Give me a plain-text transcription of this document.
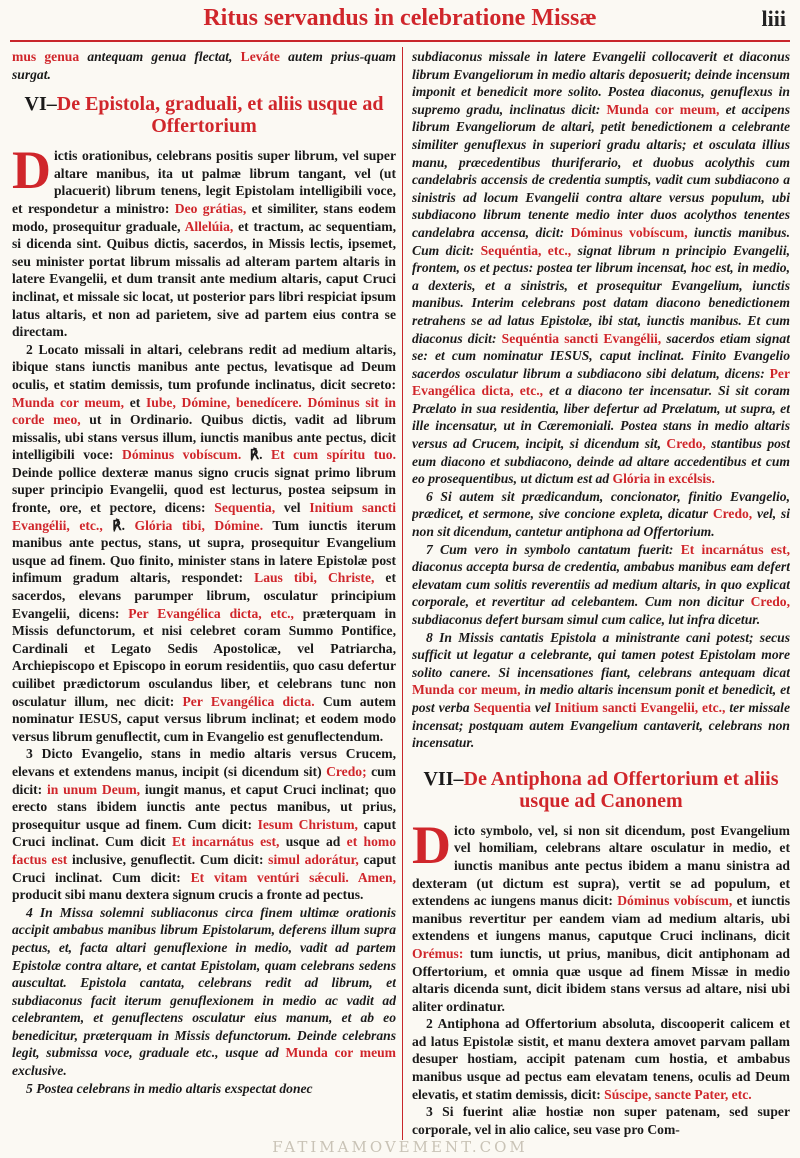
Ritus servandus in celebratione Missæ	liii

mus genua antequam genua flectat, Leváte autem prius-quam surgat.

VI–De Epistola, graduali, et aliis usque ad Offertorium

Dictis orationibus, celebrans positis super librum, vel super altare manibus, ita ut palmæ librum tangant, vel (ut placuerit) librum tenens, legit Epistolam intelligibili voce, et respondetur a ministro: Deo grátias, et similiter, stans eodem modo, prosequitur graduale, Allelúia, et tractum, ac sequentiam, si dicenda sint. Quibus dictis, sacerdos, in Missis lectis, ipsemet, seu minister portat librum missalis ad alteram partem altaris in latere Evangelii, et dum transit ante medium altaris, caput Cruci inclinat, et missale sic locat, ut posterior pars libri respiciat ipsum latus altaris, et non ad parietem, sive ad partem eius contra se directam.

2 Locato missali in altari, celebrans redit ad medium altaris, ibique stans iunctis manibus ante pectus, levatisque ad Deum oculis, et statim demissis, tum profunde inclinatus, dicit secreto: Munda cor meum, et Iube, Dómine, benedícere. Dóminus sit in corde meo, ut in Ordinario. Quibus dictis, vadit ad librum missalis, ubi stans versus illum, iunctis manibus ante pectus, dicit intelligibili voce: Dóminus vobíscum. ℟. Et cum spíritu tuo. Deinde pollice dexteræ manus signo crucis signat primo librum super principio Evangelii, quod est lecturus, postea seipsum in fronte, ore, et pectore, dicens: Sequentia, vel Initium sancti Evangélii, etc., ℟. Glória tibi, Dómine. Tum iunctis iterum manibus ante pectus, stans, ut supra, prosequitur Evangelium usque ad finem. Quo finito, minister stans in latere Epistolæ post infimum gradum altaris, respondet: Laus tibi, Christe, et sacerdos, elevans parumper librum, osculatur principium Evangelii, dicens: Per Evangélica dicta, etc., præterquam in Missis defunctorum, et nisi celebret coram Summo Pontifice, Cardinali et Legato Sedis Apostolicæ, vel Patriarcha, Archiepiscopo et Episcopo in eorum residentiis, quo casu defertur cuilibet prædictorum osculandus liber, et celebrans tunc non osculatur illum, nec dicit: Per Evangélica dicta. Cum autem nominatur IESUS, caput versus librum inclinat; et eodem modo versus librum genuflectit, cum in Evangelio est genuflectendum.

3 Dicto Evangelio, stans in medio altaris versus Crucem, elevans et extendens manus, incipit (si dicendum sit) Credo; cum dicit: in unum Deum, iungit manus, et caput Cruci inclinat; quo erecto stans ibidem iunctis ante pectus manibus, ut prius, prosequitur usque ad finem. Cum dicit: Iesum Christum, caput Cruci inclinat. Cum dicit Et incarnátus est, usque ad et homo factus est inclusive, genuflectit. Cum dicit: simul adorátur, caput Cruci inclinat. Cum dicit: Et vitam ventúri sǽculi. Amen, producit sibi manu dextera signum crucis a fronte ad pectus.

4 In Missa solemni subliaconus circa finem ultimæ orationis accipit ambabus manibus librum Epistolarum, deferens illum supra pectus, et, facta altari genuflexione in medio, vadit ad partem Epistolæ contra altare, et cantat Epistolam, quam celebrans sedens auscultat. Epistola cantata, celebrans redit ad librum, et subdiaconus facit iterum genuflexionem in medio ac vadit ad celebrantem, et genuflectens osculatur eius manum, et ab eo benedicitur, præterquam in Missis defunctorum. Deinde celebrans legit, submissa voce, graduale etc., usque ad Munda cor meum exclusive.

5 Postea celebrans in medio altaris exspectat donec

subdiaconus missale in latere Evangelii collocaverit et diaconus librum Evangeliorum in medio altaris deposuerit; deinde incensum imponit et benedicit more solito. Postea diaconus, genuflexus in supremo gradu, inclinatus dicit: Munda cor meum, et accipens librum Evangeliorum de altari, petit benedictionem a celebrante similiter genuflexus in superiori gradu altaris; et osculata illius manu, præcedentibus thuriferario, et duobus acolythis cum candelabris accensis de credentia sumptis, vadit cum subdiacono a sinistris ad locum Evangelii contra altare versus populum, ubi subdiacono librum tenente medio inter duos acolythos tenentes candelabra accensa, dicit: Dóminus vobíscum, iunctis manibus. Cum dicit: Sequéntia, etc., signat librum n principio Evangelii, frontem, os et pectus: postea ter librum incensat, hoc est, in medio, a dexteris, et a sinistris, et prosequitur Evangelium, iunctis manibus. Interim celebrans post datam diacono benedictionem retrahens se ad latus Epistolæ, ibi stat, iunctis manibus. Et cum diaconus dicit: Sequéntia sancti Evangélii, sacerdos etiam signat se: et cum nominatur IESUS, caput inclinat. Finito Evangelio sacerdos osculatur librum a subdiacono sibi delatum, dicens: Per Evangélica dicta, etc., et a diacono ter incensatur. Si sit coram Prælato in sua residentia, liber defertur ad Prælatum, ut supra, et ille incensatur, ut in Cæremoniali. Postea stans in medio altaris versus ad Crucem, incipit, si dicendum sit, Credo, stantibus post eum diacono et subdiacono, deinde ad altare accedentibus et cum eo prosequentibus, ut dictum est ad Glória in excélsis.

6 Si autem sit prædicandum, concionator, finitio Evangelio, prædicet, et sermone, sive concione expleta, dicatur Credo, vel, si non sit dicendum, cantetur antiphona ad Offertorium.

7 Cum vero in symbolo cantatum fuerit: Et incarnátus est, diaconus accepta bursa de credentia, ambabus manibus eam defert elevatam cum solitis reverentiis ad medium altaris, in quo explicat corporale, et revertitur ad celebantem. Cum non dicitur Credo, subdiaconus defert bursam simul cum calice, lut infra dicetur.

8 In Missis cantatis Epistola a ministrante cani potest; secus sufficit ut legatur a celebrante, qui tamen potest Epistolam more solito canere. Si incensationes fiant, celebrans antequam dicat Munda cor meum, in medio altaris incensum ponit et benedicit, et post verba Sequentia vel Initium sancti Evangelii, etc., ter missale incensat; postquam autem Evangelium cantaverit, celebrans non incensatur.

VII–De Antiphona ad Offertorium et aliis usque ad Canonem

Dicto symbolo, vel, si non sit dicendum, post Evangelium vel homiliam, celebrans altare osculatur in medio, et iunctis manibus ante pectus ibidem a manu sinistra ad dexteram (ut dictum est supra), vertit se ad populum, et extendens ac iungens manus dicit: Dóminus vobíscum, et iunctis manibus revertitur per eandem viam ad medium altaris, ubi extendens et iungens manus, caputque Cruci inclinans, dicit Orémus: tum iunctis, ut prius, manibus, dicit antiphonam ad Offertorium, et omnia quæ usque ad finem Missæ in medio altaris dicenda sunt, dicit ibidem stans versus ad altare, nisi ubi aliter ordinatur.

2 Antiphona ad Offertorium absoluta, discooperit calicem et ad latus Epistolæ sistit, et manu dextera amovet parvam pallam desuper hostiam, accipit patenam cum hostia, et ambabus manibus usque ad pectus eam elevatam tenens, oculis ad Deum elevatis, et statim demissis, dicit: Súscipe, sancte Pater, etc.

3 Si fuerint aliæ hostiæ non super patenam, sed super corporale, vel in alio calice, seu vase pro Com-

FATIMAMOVEMENT.COM
